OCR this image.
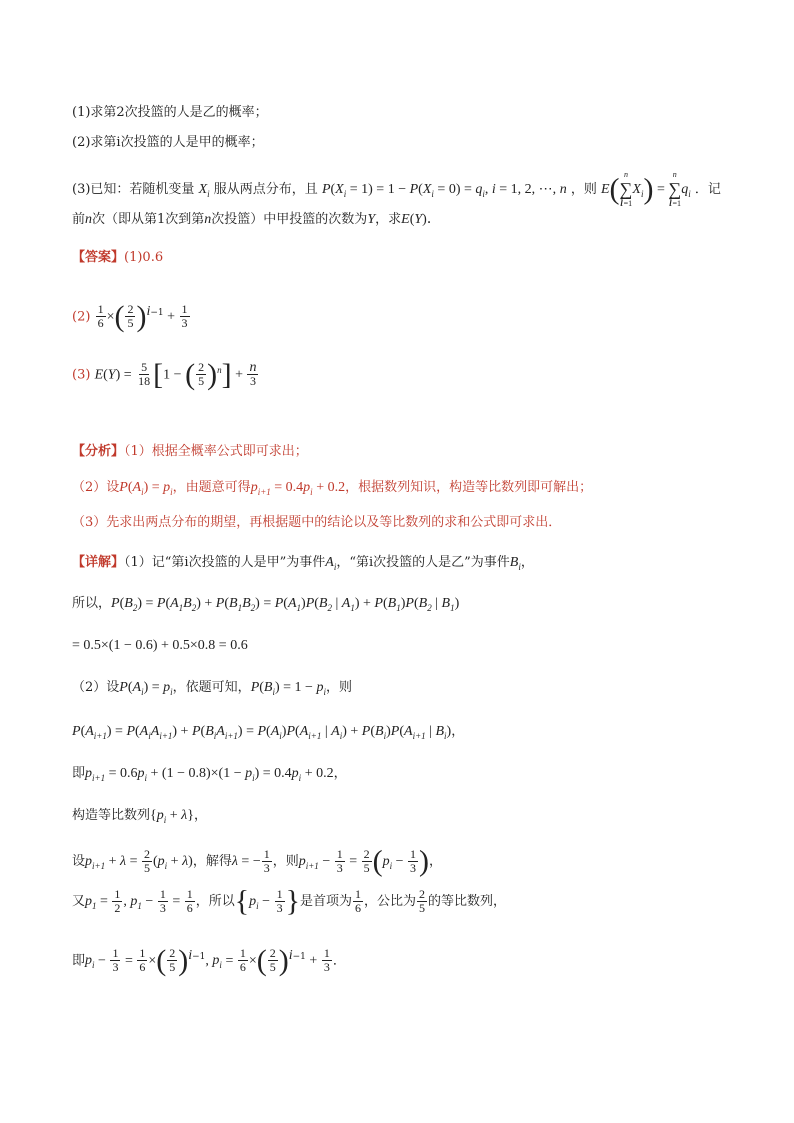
(1)求第2次投篮的人是乙的概率；
(2)求第i次投篮的人是甲的概率；
(3)已知：若随机变量 $X_i$ 服从两点分布，且 $P(X_i = 1) = 1 - P(X_i = 0) = q_i$, i = 1, 2, ⋯, n ，则 E( n
∑
i=1
$X_i$) =
n
∑
i=1
$q_i$ ．记
前n次（即从第1次到第n次投篮）中甲投篮的次数为Y，求E(Y)．
【答案】(1)0.6
$(2) \frac{1}{6}$ ×( $\frac{2}{5} )^{i-1} + \frac{1}{3}$
(3) $E(Y) = \frac{5}{18} [1$ − ( $\frac{2}{5} )^n] + \frac{n}{3}$
【分析】（1）根据全概率公式即可求出；
（2）设$P(A_i) = p_i$，由题意可得$p_{i+1} = 0.4p_i + 0.2$，根据数列知识，构造等比数列即可解出；
（3）先求出两点分布的期望，再根据题中的结论以及等比数列的求和公式即可求出．
【详解】（1）记“第i次投篮的人是甲”为事件$A_i$，“第i次投篮的人是乙”为事件$B_i$，
所以，$P(B_2) = P(A_1B_2) + P(B_1B_2) = P(A_1)P(B_2$ | $A_1) + P(B_1)P(B_2$ | $B_1$)
= 0.5×(1 − 0.6) + 0.5×0.8 = 0.6
（2）设$P(A_i) = p_i$，依题可知，$P(B_i) = 1 - p_i$，则
$P(A_{i+1}) = P(A_iA_{i+1}) + P(B_iA_{i+1}) = P(A_i)P(A_{i+1}$ | $A_i) + P(B_i)P(A_{i+1}$ | $B_i$)，
即$p_{i+1} = 0.6p_i + (1 - 0.8)\times(1 - p_i) = 0.4p_i + 0.2$，
构造等比数列$\{p_i + \lambda\}$，
设$p_{i+1} + \lambda = \frac{2}{5} (p_i + \lambda)$，解得λ = − $\frac{1}{3}$ ，则$p_{i+1} - \frac{1}{3} = \frac{2}{5} (p_i - \frac{1}{3}$ )，
又$p_1 = \frac{1}{2}$ , $p_1 - \frac{1}{3} = \frac{1}{6}$ ，所以{$p_i - \frac{1}{3}$ }是首项为 $\frac{1}{6}$ ，公比为 $\frac{2}{5}$ 的等比数列，
即$p_i - \frac{1}{3} = \frac{1}{6}$ ×( $\frac{2}{5} )^{i-1}$, $p_i = \frac{1}{6}$ ×( $\frac{2}{5} )^{i-1} + \frac{1}{3}$ ．
